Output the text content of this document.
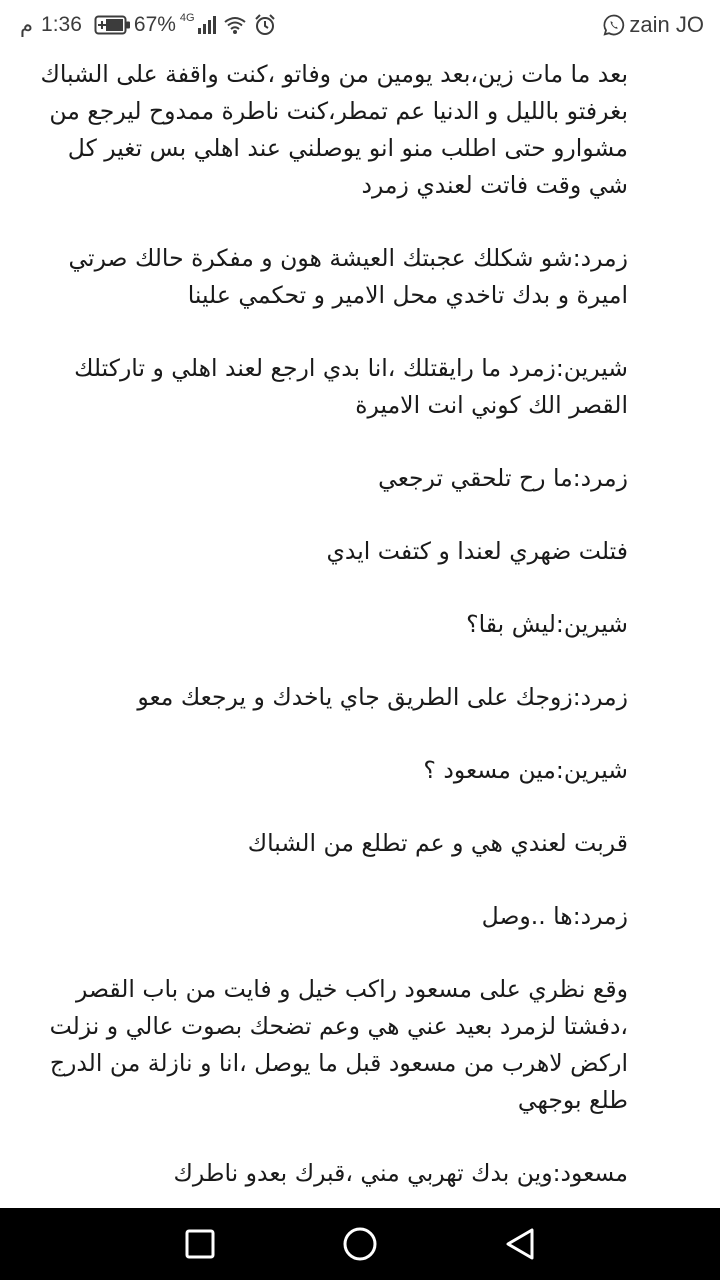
م 1:36 67% 4G	zain JO

بعد ما مات زين،بعد يومين من وفاتو ،كنت واقفة على الشباك بغرفتو بالليل و الدنيا عم تمطر،كنت ناطرة ممدوح ليرجع من مشوارو حتى اطلب منو انو يوصلني عند اهلي بس تغير كل شي وقت فاتت لعندي زمرد

زمرد:شو شكلك عجبتك العيشة هون و مفكرة حالك صرتي اميرة و بدك تاخدي محل الامير و تحكمي علينا

شيرين:زمرد ما رايقتلك ،انا بدي ارجع لعند اهلي و تاركتلك القصر الك كوني انت الاميرة

زمرد:ما رح تلحقي ترجعي

فتلت ضهري لعندا و كتفت ايدي

شيرين:ليش بقا؟

زمرد:زوجك على الطريق جاي ياخدك و يرجعك معو

شيرين:مين مسعود ؟

قربت لعندي هي و عم تطلع من الشباك

زمرد:ها ..وصل

وقع نظري على مسعود راكب خيل و فايت من باب القصر ،دفشتا لزمرد بعيد عني هي وعم تضحك بصوت عالي و نزلت اركض لاهرب من مسعود قبل ما يوصل ،انا و نازلة من الدرج طلع بوجهي

مسعود:وين بدك تهربي مني ،قبرك بعدو ناطرك
